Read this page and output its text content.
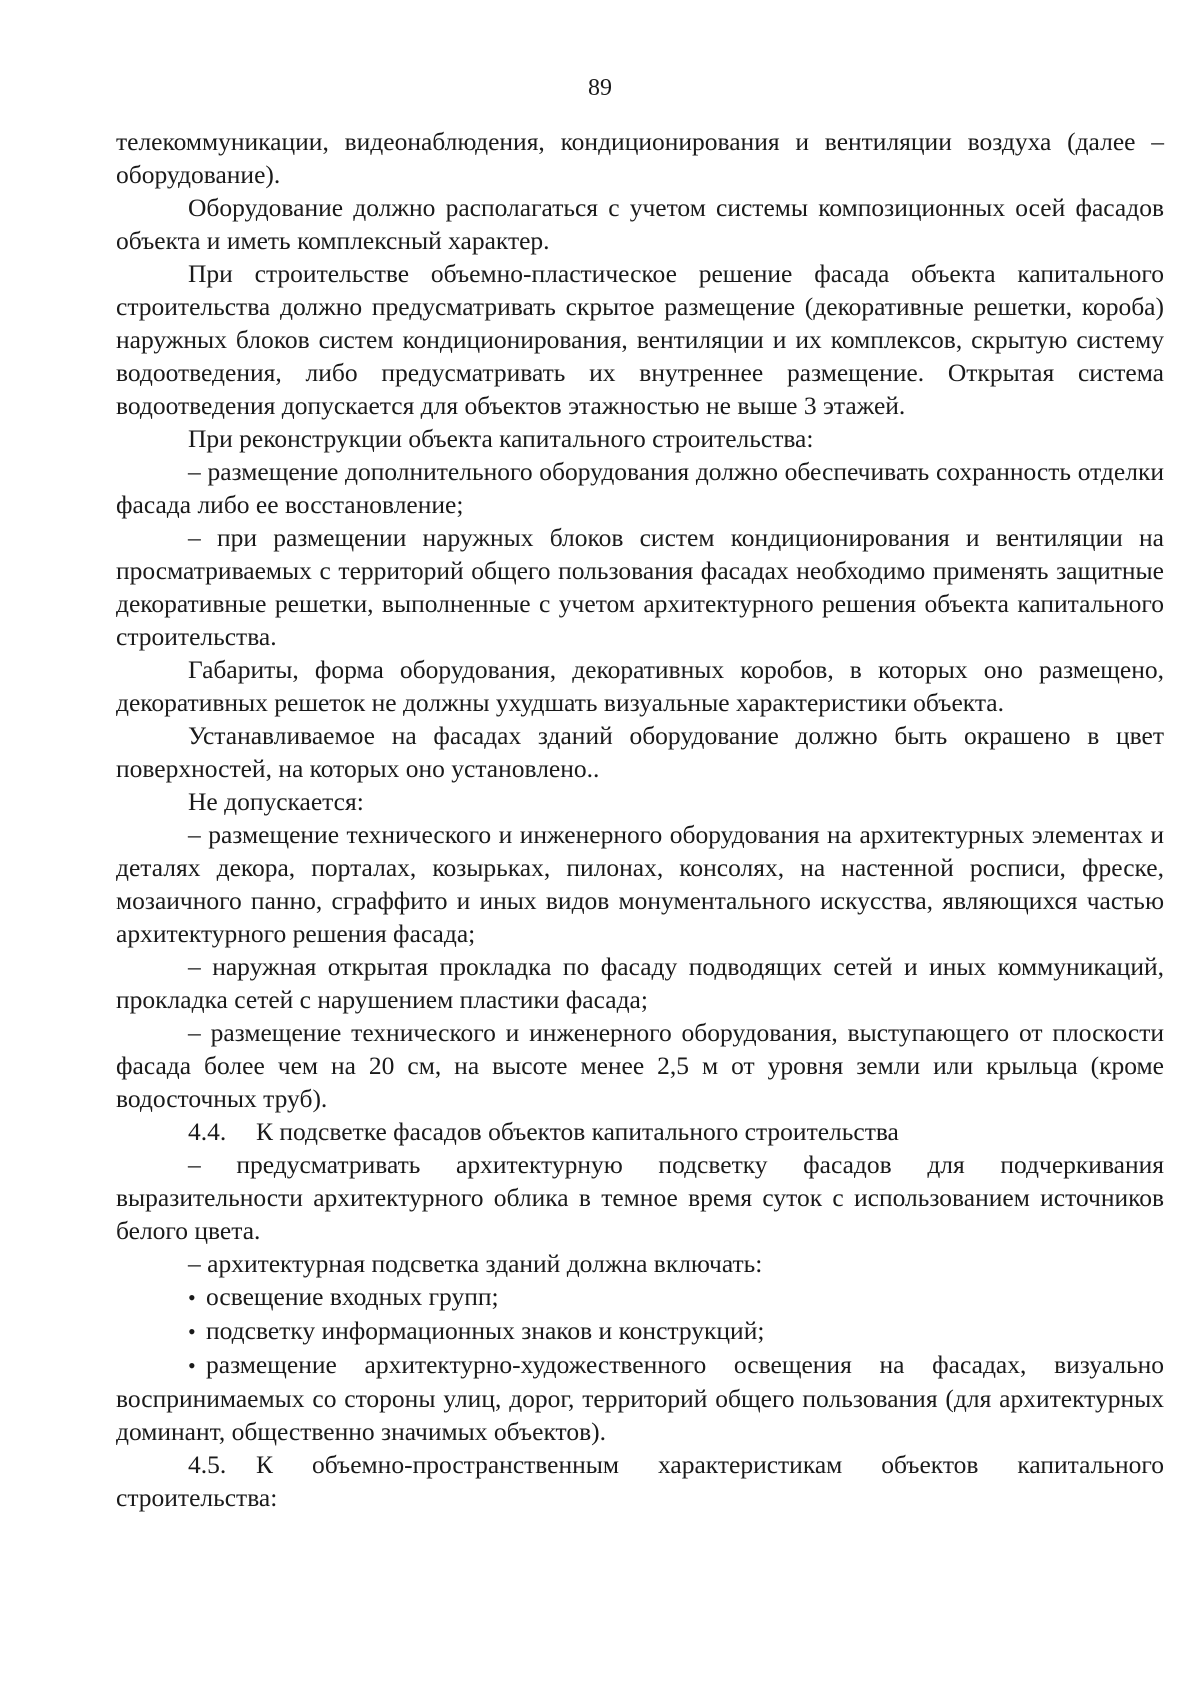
89

телекоммуникации, видеонаблюдения, кондиционирования и вентиляции воздуха (далее – оборудование).

Оборудование должно располагаться с учетом системы композиционных осей фасадов объекта и иметь комплексный характер.

При строительстве объемно-пластическое решение фасада объекта капитального строительства должно предусматривать скрытое размещение (декоративные решетки, короба) наружных блоков систем кондиционирования, вентиляции и их комплексов, скрытую систему водоотведения, либо предусматривать их внутреннее размещение. Открытая система водоотведения допускается для объектов этажностью не выше 3 этажей.

При реконструкции объекта капитального строительства:

– размещение дополнительного оборудования должно обеспечивать сохранность отделки фасада либо ее восстановление;

– при размещении наружных блоков систем кондиционирования и вентиляции на просматриваемых с территорий общего пользования фасадах необходимо применять защитные декоративные решетки, выполненные с учетом архитектурного решения объекта капитального строительства.

Габариты, форма оборудования, декоративных коробов, в которых оно размещено, декоративных решеток не должны ухудшать визуальные характеристики объекта.

Устанавливаемое на фасадах зданий оборудование должно быть окрашено в цвет поверхностей, на которых оно установлено..

Не допускается:

– размещение технического и инженерного оборудования на архитектурных элементах и деталях декора, порталах, козырьках, пилонах, консолях, на настенной росписи, фреске, мозаичного панно, сграффито и иных видов монументального искусства, являющихся частью архитектурного решения фасада;

– наружная открытая прокладка по фасаду подводящих сетей и иных коммуникаций, прокладка сетей с нарушением пластики фасада;

– размещение технического и инженерного оборудования, выступающего от плоскости фасада более чем на 20 см, на высоте менее 2,5 м от уровня земли или крыльца (кроме водосточных труб).

4.4. К подсветке фасадов объектов капитального строительства

– предусматривать архитектурную подсветку фасадов для подчеркивания выразительности архитектурного облика в темное время суток с использованием источников белого цвета.

– архитектурная подсветка зданий должна включать:

• освещение входных групп;

• подсветку информационных знаков и конструкций;

• размещение архитектурно-художественного освещения на фасадах, визуально воспринимаемых со стороны улиц, дорог, территорий общего пользования (для архитектурных доминант, общественно значимых объектов).

4.5. К объемно-пространственным характеристикам объектов капитального строительства:
